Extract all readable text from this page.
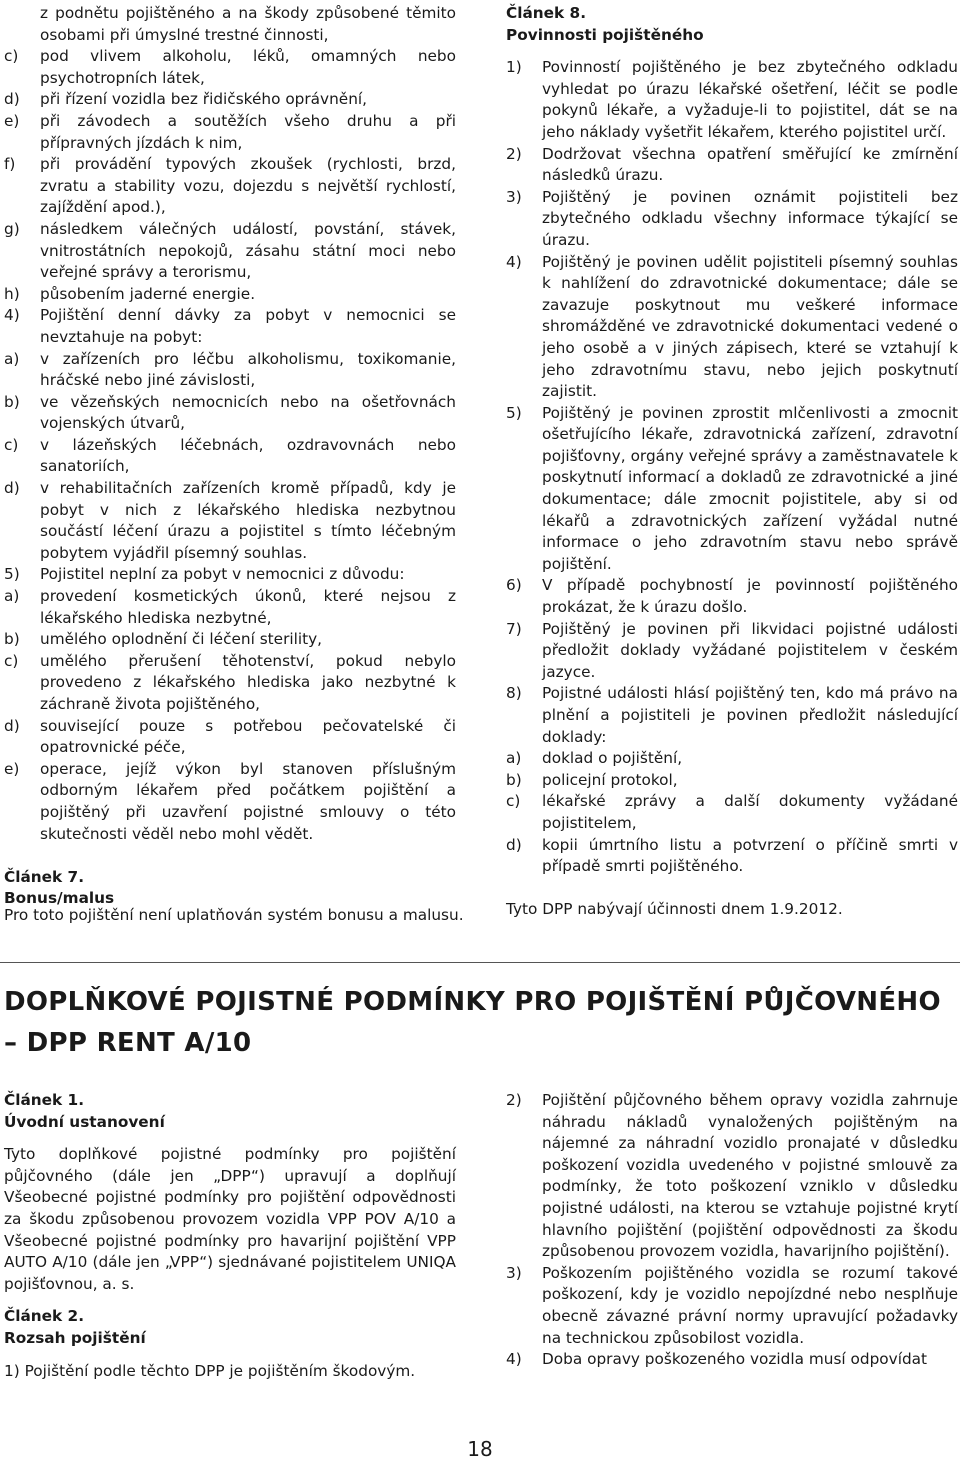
z podnětu pojištěného a na škody způsobené těmito osobami při úmyslné trestné činnosti,
c) pod vlivem alkoholu, léků, omamných nebo psychotropních látek,
d) při řízení vozidla bez řidičského oprávnění,
e) při závodech a soutěžích všeho druhu a při přípravných jízdách k nim,
f) při provádění typových zkoušek (rychlosti, brzd, zvratu a stability vozu, dojezdu s největší rychlostí, zajíždění apod.),
g) následkem válečných událostí, povstání, stávek, vnitrostátních nepokojů, zásahu státní moci nebo veřejné správy a terorismu,
h) působením jaderné energie.
4) Pojištění denní dávky za pobyt v nemocnici se nevztahuje na pobyt:
a) v zařízeních pro léčbu alkoholismu, toxikomanie, hráčské nebo jiné závislosti,
b) ve vězeňských nemocnicích nebo na ošetřovnách vojenských útvarů,
c) v lázeňských léčebnách, ozdravovnách nebo sanatoriích,
d) v rehabilitačních zařízeních kromě případů, kdy je pobyt v nich z lékařského hlediska nezbytnou součástí léčení úrazu a pojistitel s tímto léčebným pobytem vyjádřil písemný souhlas.
5) Pojistitel neplní za pobyt v nemocnici z důvodu:
a) provedení kosmetických úkonů, které nejsou z lékařského hlediska nezbytné,
b) umělého oplodnění či léčení sterility,
c) umělého přerušení těhotenství, pokud nebylo provedeno z lékařského hlediska jako nezbytné k záchraně života pojištěného,
d) související pouze s potřebou pečovatelské či opatrovnické péče,
e) operace, jejíž výkon byl stanoven příslušným odborným lékařem před počátkem pojištění a pojištěný při uzavření pojistné smlouvy o této skutečnosti věděl nebo mohl vědět.
Článek 7.
Bonus/malus
Pro toto pojištění není uplatňován systém bonusu a malusu.
Článek 8.
Povinnosti pojištěného
1) Povinností pojištěného je bez zbytečného odkladu vyhledat po úrazu lékařské ošetření, léčit se podle pokynů lékaře, a vyžaduje-li to pojistitel, dát se na jeho náklady vyšetřit lékařem, kterého pojistitel určí.
2) Dodržovat všechna opatření směřující ke zmírnění následků úrazu.
3) Pojištěný je povinen oznámit pojistiteli bez zbytečného odkladu všechny informace týkající se úrazu.
4) Pojištěný je povinen udělit pojistiteli písemný souhlas k nahlížení do zdravotnické dokumentace; dále se zavazuje poskytnout mu veškeré informace shromážděné ve zdravotnické dokumentaci vedené o jeho osobě a v jiných zápisech, které se vztahují k jeho zdravotnímu stavu, nebo jejich poskytnutí zajistit.
5) Pojištěný je povinen zprostit mlčenlivosti a zmocnit ošetřujícího lékaře, zdravotnická zařízení, zdravotní pojišťovny, orgány veřejné správy a zaměstnavatele k poskytnutí informací a dokladů ze zdravotnické a jiné dokumentace; dále zmocnit pojistitele, aby si od lékařů a zdravotnických zařízení vyžádal nutné informace o jeho zdravotním stavu nebo správě pojištění.
6) V případě pochybností je povinností pojištěného prokázat, že k úrazu došlo.
7) Pojištěný je povinen při likvidaci pojistné události předložit doklady vyžádané pojistitelem v českém jazyce.
8) Pojistné události hlásí pojištěný ten, kdo má právo na plnění a pojistiteli je povinen předložit následující doklady:
a) doklad o pojištění,
b) policejní protokol,
c) lékařské zprávy a další dokumenty vyžádané pojistitelem,
d) kopii úmrtního listu a potvrzení o příčině smrti v případě smrti pojištěného.
Tyto DPP nabývají účinnosti dnem 1.9.2012.
DOPLŇKOVÉ POJISTNÉ PODMÍNKY PRO POJIŠTĚNÍ PŮJČOVNÉHO – DPP RENT A/10
Článek 1.
Úvodní ustanovení
Tyto doplňkové pojistné podmínky pro pojištění půjčovného (dále jen „DPP“) upravují a doplňují Všeobecné pojistné podmínky pro pojištění odpovědnosti za škodu způsobenou provozem vozidla VPP POV A/10 a Všeobecné pojistné podmínky pro havarijní pojištění VPP AUTO A/10 (dále jen „VPP“) sjednávané pojistitelem UNIQA pojišťovnou, a. s.
Článek 2.
Rozsah pojištění
1) Pojištění podle těchto DPP je pojištěním škodovým.
2) Pojištění půjčovného během opravy vozidla zahrnuje náhradu nákladů vynaložených pojištěným na nájemné za náhradní vozidlo pronajaté v důsledku poškození vozidla uvedeného v pojistné smlouvě za podmínky, že toto poškození vzniklo v důsledku pojistné události, na kterou se vztahuje pojistné krytí hlavního pojištění (pojištění odpovědnosti za škodu způsobenou provozem vozidla, havarijního pojištění).
3) Poškozením pojištěného vozidla se rozumí takové poškození, kdy je vozidlo nepojízdné nebo nesplňuje obecně závazné právní normy upravující požadavky na technickou způsobilost vozidla.
4) Doba opravy poškozeného vozidla musí odpovídat
18
